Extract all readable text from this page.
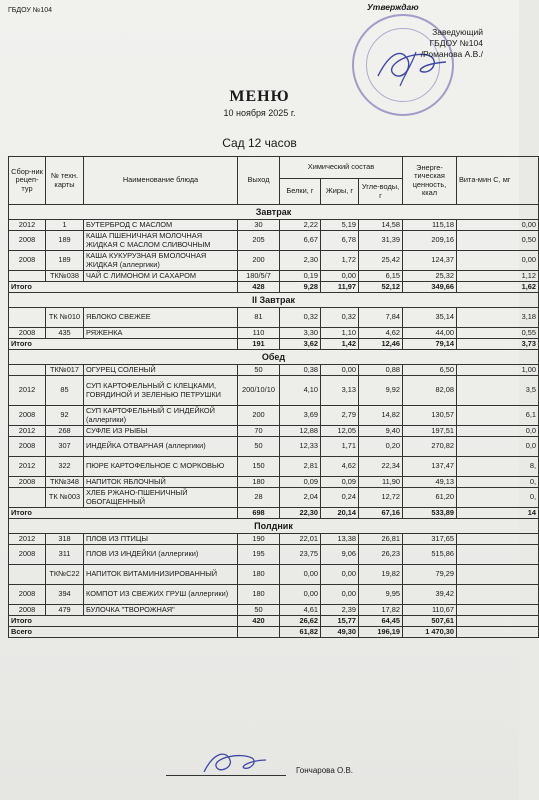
ГБДОУ №104	Утверждаю
Заведующий
ГБДОУ №104
/Романова А.В./
МЕНЮ
10 ноября 2025 г.
Сад 12 часов
Сбор-ник рецеп-тур	№ техн. карты	Наименование блюда	Выход	Химический состав			Энерге-тическая ценность, ккал	Вита-мин С, мг
				Белки, г	Жиры, г	Угле-воды, г		
Завтрак								
2012	1	БУТЕРБРОД С МАСЛОМ	30	2,22	5,19	14,58	115,18	0,00
2008	189	КАША ПШЕНИЧНАЯ МОЛОЧНАЯ ЖИДКАЯ С МАСЛОМ СЛИВОЧНЫМ	205	6,67	6,78	31,39	209,16	0,50
2008	189	КАША КУКУРУЗНАЯ БМОЛОЧНАЯ ЖИДКАЯ (аллергики)	200	2,30	1,72	25,42	124,37	0,00
	ТК№038	ЧАЙ С ЛИМОНОМ И САХАРОМ	180/5/7	0,19	0,00	6,15	25,32	1,12
Итого			428	9,28	11,97	52,12	349,66	1,62
II Завтрак								
	ТК №010	ЯБЛОКО СВЕЖЕЕ	81	0,32	0,32	7,84	35,14	3,18
2008	435	РЯЖЕНКА	110	3,30	1,10	4,62	44,00	0,55
Итого			191	3,62	1,42	12,46	79,14	3,73
Обед								
	ТК№017	ОГУРЕЦ СОЛЕНЫЙ	50	0,38	0,00	0,88	6,50	1,00
2012	85	СУП КАРТОФЕЛЬНЫЙ С КЛЕЦКАМИ, ГОВЯДИНОЙ И ЗЕЛЕНЬЮ ПЕТРУШКИ	200/10/10	4,10	3,13	9,92	82,08	3,5
2008	92	СУП КАРТОФЕЛЬНЫЙ С ИНДЕЙКОЙ (аллергики)	200	3,69	2,79	14,82	130,57	6,1
2012	268	СУФЛЕ ИЗ РЫБЫ	70	12,88	12,05	9,40	197,51	0,0
2008	307	ИНДЕЙКА ОТВАРНАЯ (аллергики)	50	12,33	1,71	0,20	270,82	0,0
2012	322	ПЮРЕ КАРТОФЕЛЬНОЕ С МОРКОВЬЮ	150	2,81	4,62	22,34	137,47	8,
2008	ТК№348	НАПИТОК ЯБЛОЧНЫЙ	180	0,09	0,09	11,90	49,13	0,
	ТК №003	ХЛЕБ РЖАНО-ПШЕНИЧНЫЙ ОБОГАЩЕННЫЙ	28	2,04	0,24	12,72	61,20	0,
Итого			698	22,30	20,14	67,16	533,89	14
Полдник								
2012	318	ПЛОВ ИЗ ПТИЦЫ	190	22,01	13,38	26,81	317,65	
2008	311	ПЛОВ ИЗ ИНДЕЙКИ (аллергики)	195	23,75	9,06	26,23	515,86	
	ТК№С22	НАПИТОК ВИТАМИНИЗИРОВАННЫЙ	180	0,00	0,00	19,82	79,29	
2008	394	КОМПОТ ИЗ СВЕЖИХ ГРУШ (аллергики)	180	0,00	0,00	9,95	39,42	
2008	479	БУЛОЧКА "ТВОРОЖНАЯ"	50	4,61	2,39	17,82	110,67	
Итого			420	26,62	15,77	64,45	507,61	
Всего				61,82	49,30	196,19	1 470,30	
Гончарова О.В.
